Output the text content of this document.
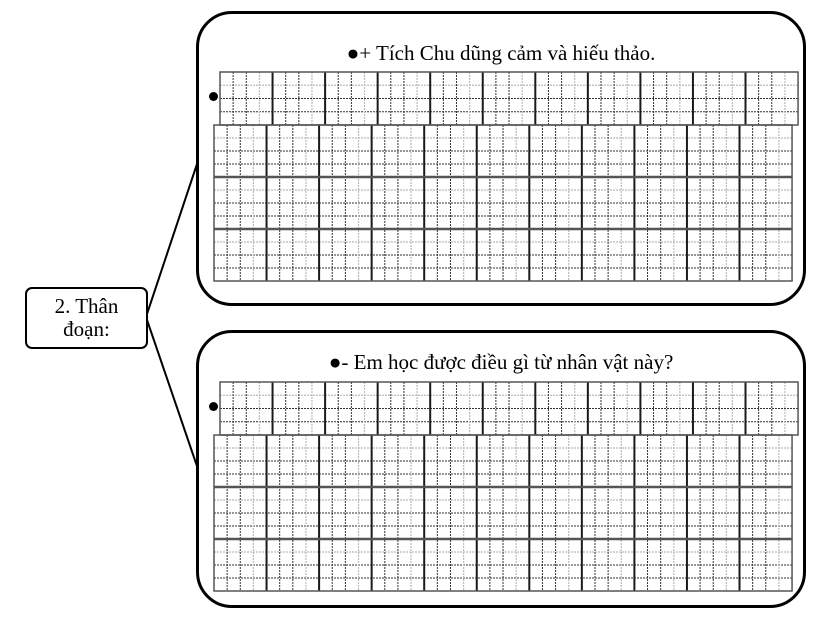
2. Thân
đoạn:
●+ Tích Chu dũng cảm và hiếu thảo.
●- Em học được điều gì từ nhân vật này?
